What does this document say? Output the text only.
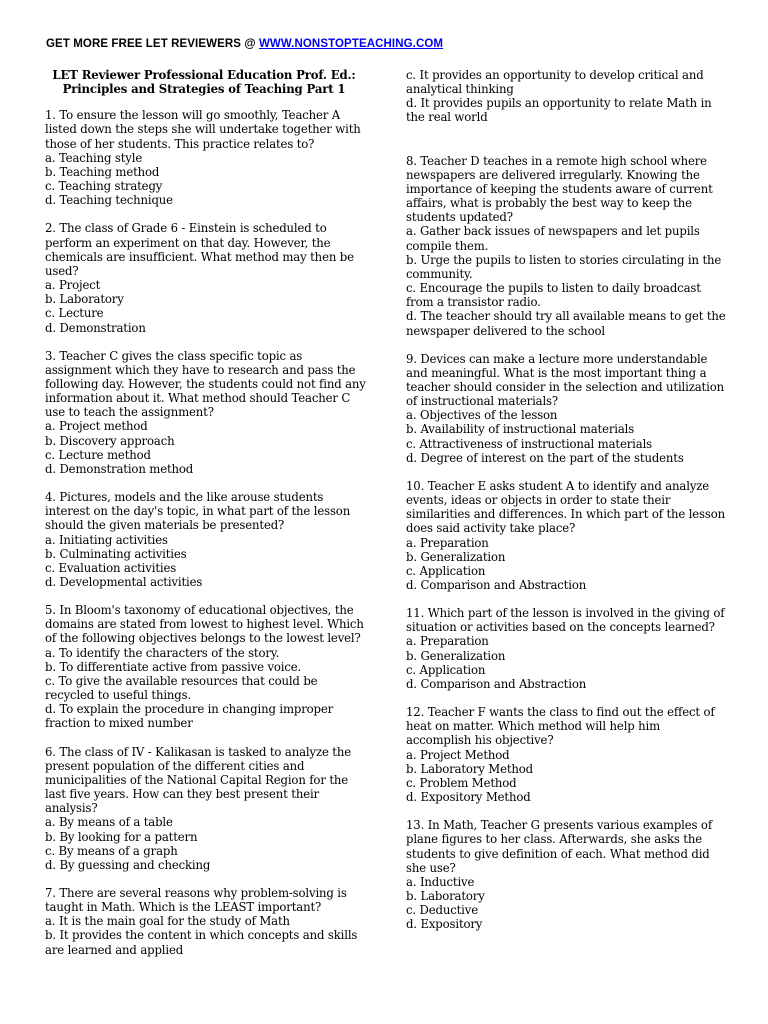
GET MORE FREE LET REVIEWERS @ WWW.NONSTOPTEACHING.COM
LET Reviewer Professional Education Prof. Ed.:
Principles and Strategies of Teaching Part 1

1. To ensure the lesson will go smoothly, Teacher A listed down the steps she will undertake together with those of her students. This practice relates to?

a. Teaching style

b. Teaching method

c. Teaching strategy

d. Teaching technique

2. The class of Grade 6 - Einstein is scheduled to perform an experiment on that day. However, the chemicals are insufficient. What method may then be used?

a. Project

b. Laboratory

c. Lecture

d. Demonstration

3. Teacher C gives the class specific topic as assignment which they have to research and pass the following day. However, the students could not find any information about it. What method should Teacher C use to teach the assignment?

a. Project method

b. Discovery approach

c. Lecture method

d. Demonstration method

4. Pictures, models and the like arouse students interest on the day's topic, in what part of the lesson should the given materials be presented?

a. Initiating activities

b. Culminating activities

c. Evaluation activities

d. Developmental activities

5. In Bloom's taxonomy of educational objectives, the domains are stated from lowest to highest level. Which of the following objectives belongs to the lowest level?

a. To identify the characters of the story.

b. To differentiate active from passive voice.

c. To give the available resources that could be recycled to useful things.

d. To explain the procedure in changing improper fraction to mixed number

6. The class of IV - Kalikasan is tasked to analyze the present population of the different cities and municipalities of the National Capital Region for the last five years. How can they best present their analysis?

a. By means of a table

b. By looking for a pattern

c. By means of a graph

d. By guessing and checking

7. There are several reasons why problem-solving is taught in Math. Which is the LEAST important?

a. It is the main goal for the study of Math

b. It provides the content in which concepts and skills are learned and applied

c. It provides an opportunity to develop critical and analytical thinking

d. It provides pupils an opportunity to relate Math in the real world

8. Teacher D teaches in a remote high school where newspapers are delivered irregularly. Knowing the importance of keeping the students aware of current affairs, what is probably the best way to keep the students updated?

a. Gather back issues of newspapers and let pupils compile them.

b. Urge the pupils to listen to stories circulating in the community.

c. Encourage the pupils to listen to daily broadcast from a transistor radio.

d. The teacher should try all available means to get the newspaper delivered to the school

9. Devices can make a lecture more understandable and meaningful. What is the most important thing a teacher should consider in the selection and utilization of instructional materials?

a. Objectives of the lesson

b. Availability of instructional materials

c. Attractiveness of instructional materials

d. Degree of interest on the part of the students

10. Teacher E asks student A to identify and analyze events, ideas or objects in order to state their similarities and differences. In which part of the lesson does said activity take place?

a. Preparation

b. Generalization

c. Application

d. Comparison and Abstraction

11. Which part of the lesson is involved in the giving of situation or activities based on the concepts learned?

a. Preparation

b. Generalization

c. Application

d. Comparison and Abstraction

12. Teacher F wants the class to find out the effect of heat on matter. Which method will help him accomplish his objective?

a. Project Method

b. Laboratory Method

c. Problem Method

d. Expository Method

13. In Math, Teacher G presents various examples of plane figures to her class. Afterwards, she asks the students to give definition of each. What method did she use?

a. Inductive

b. Laboratory

c. Deductive

d. Expository
